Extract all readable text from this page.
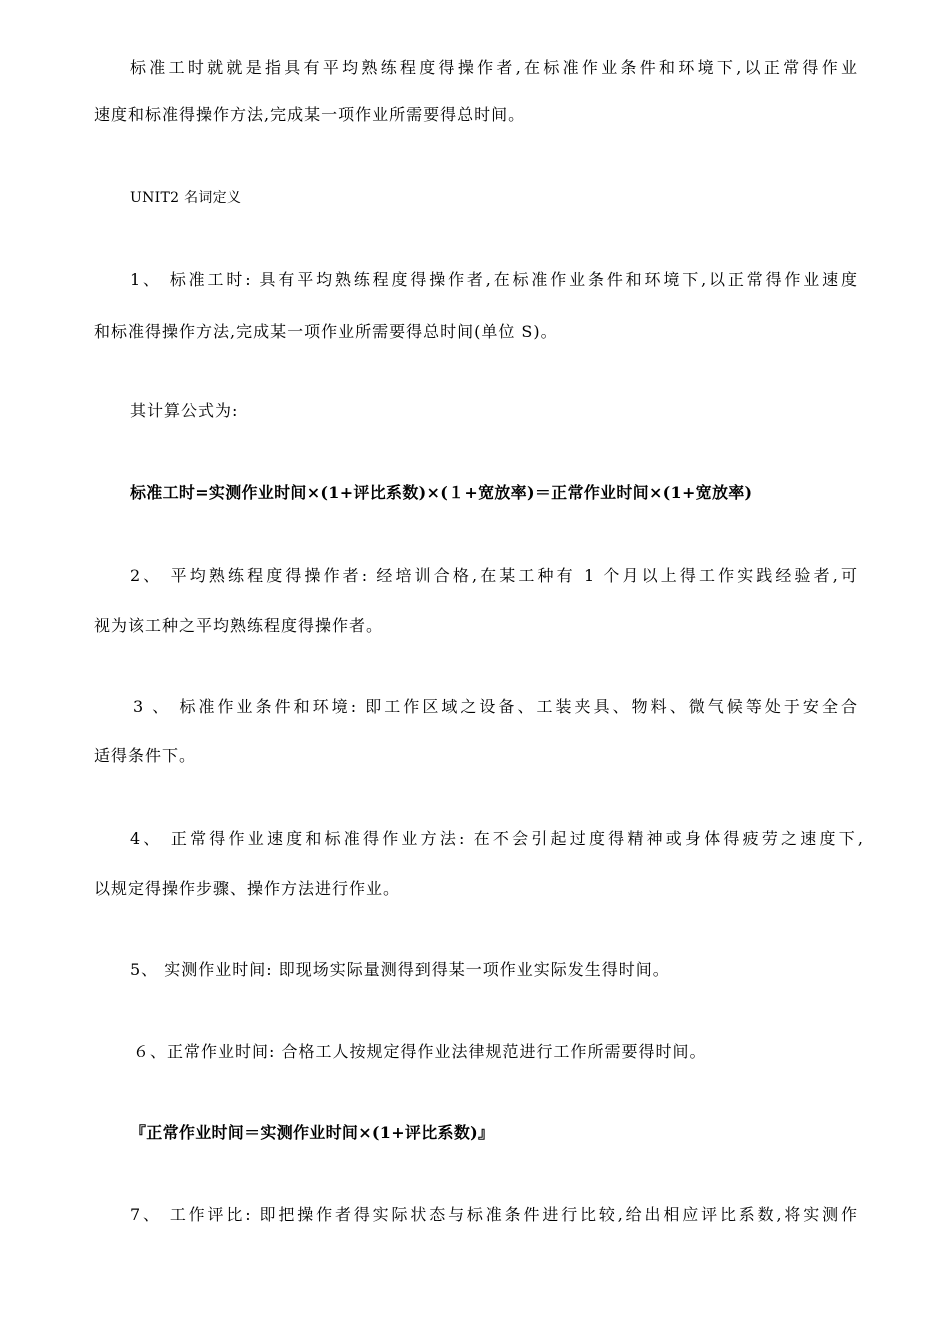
标准工时就就是指具有平均熟练程度得操作者,在标准作业条件和环境下,以正常得作业
速度和标准得操作方法,完成某一项作业所需要得总时间。
UNIT2 名词定义
1、 标准工时: 具有平均熟练程度得操作者,在标准作业条件和环境下,以正常得作业速度
和标准得操作方法,完成某一项作业所需要得总时间(单位 S)。
其计算公式为:
标准工时=实测作业时间×(1+评比系数)×(１+宽放率)＝正常作业时间×(1+宽放率)
2、 平均熟练程度得操作者: 经培训合格,在某工种有 1 个月以上得工作实践经验者,可
视为该工种之平均熟练程度得操作者。
3 、 标准作业条件和环境: 即工作区域之设备、工装夹具、物料、微气候等处于安全合
适得条件下。
4、 正常得作业速度和标准得作业方法: 在不会引起过度得精神或身体得疲劳之速度下,
以规定得操作步骤、操作方法进行作业。
5、 实测作业时间: 即现场实际量测得到得某一项作业实际发生得时间。
６、正常作业时间: 合格工人按规定得作业法律规范进行工作所需要得时间。
『正常作业时间＝实测作业时间×(1+评比系数)』
7、 工作评比: 即把操作者得实际状态与标准条件进行比较,给出相应评比系数,将实测作
